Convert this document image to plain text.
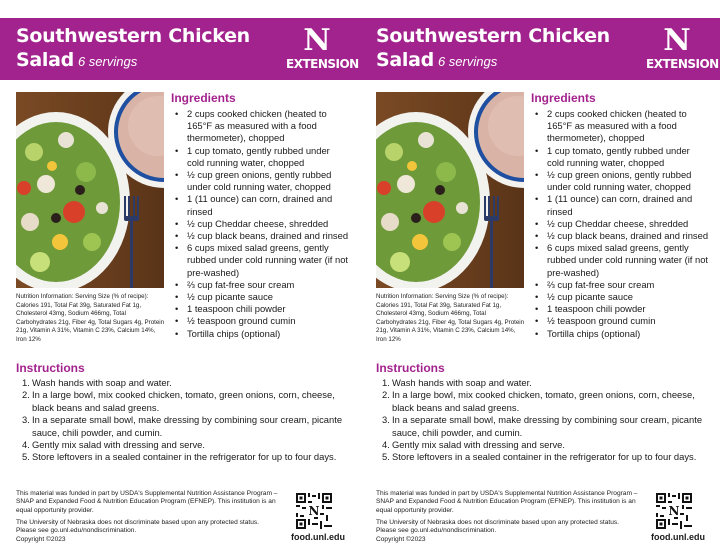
Southwestern Chicken Salad 6 servings
N
EXTENSION
Nutrition Information: Serving Size (% of recipe): Calories 191, Total Fat 39g, Saturated Fat 1g, Cholesterol 43mg, Sodium 466mg, Total Carbohydrates 21g, Fiber 4g, Total Sugars 4g, Protein 21g, Vitamin A 31%, Vitamin C 23%, Calcium 14%, Iron 12%
Ingredients
• 2 cups cooked chicken (heated to 165°F as measured with a food thermometer), chopped
• 1 cup tomato, gently rubbed under cold running water, chopped
• ½ cup green onions, gently rubbed under cold running water, chopped
• 1 (11 ounce) can corn, drained and rinsed
• ½ cup Cheddar cheese, shredded
• ½ cup black beans, drained and rinsed
• 6 cups mixed salad greens, gently rubbed under cold running water (if not pre-washed)
• ⅔ cup fat-free sour cream
• ½ cup picante sauce
• 1 teaspoon chili powder
• ½ teaspoon ground cumin
• Tortilla chips (optional)
Instructions
1. Wash hands with soap and water.
2. In a large bowl, mix cooked chicken, tomato, green onions, corn, cheese, black beans and salad greens.
3. In a separate small bowl, make dressing by combining sour cream, picante sauce, chili powder, and cumin.
4. Gently mix salad with dressing and serve.
5. Store leftovers in a sealed container in the refrigerator for up to four days.
This material was funded in part by USDA's Supplemental Nutrition Assistance Program – SNAP and Expanded Food & Nutrition Education Program (EFNEP). This institution is an equal opportunity provider.
The University of Nebraska does not discriminate based upon any protected status. Please see go.unl.edu/nondiscrimination.
Copyright ©2023
N
food.unl.edu
Southwestern Chicken Salad 6 servings
N
EXTENSION
Nutrition Information: Serving Size (% of recipe): Calories 191, Total Fat 39g, Saturated Fat 1g, Cholesterol 43mg, Sodium 466mg, Total Carbohydrates 21g, Fiber 4g, Total Sugars 4g, Protein 21g, Vitamin A 31%, Vitamin C 23%, Calcium 14%, Iron 12%
Ingredients
• 2 cups cooked chicken (heated to 165°F as measured with a food thermometer), chopped
• 1 cup tomato, gently rubbed under cold running water, chopped
• ½ cup green onions, gently rubbed under cold running water, chopped
• 1 (11 ounce) can corn, drained and rinsed
• ½ cup Cheddar cheese, shredded
• ½ cup black beans, drained and rinsed
• 6 cups mixed salad greens, gently rubbed under cold running water (if not pre-washed)
• ⅔ cup fat-free sour cream
• ½ cup picante sauce
• 1 teaspoon chili powder
• ½ teaspoon ground cumin
• Tortilla chips (optional)
Instructions
1. Wash hands with soap and water.
2. In a large bowl, mix cooked chicken, tomato, green onions, corn, cheese, black beans and salad greens.
3. In a separate small bowl, make dressing by combining sour cream, picante sauce, chili powder, and cumin.
4. Gently mix salad with dressing and serve.
5. Store leftovers in a sealed container in the refrigerator for up to four days.
This material was funded in part by USDA's Supplemental Nutrition Assistance Program – SNAP and Expanded Food & Nutrition Education Program (EFNEP). This institution is an equal opportunity provider.
The University of Nebraska does not discriminate based upon any protected status. Please see go.unl.edu/nondiscrimination.
Copyright ©2023
N
food.unl.edu
